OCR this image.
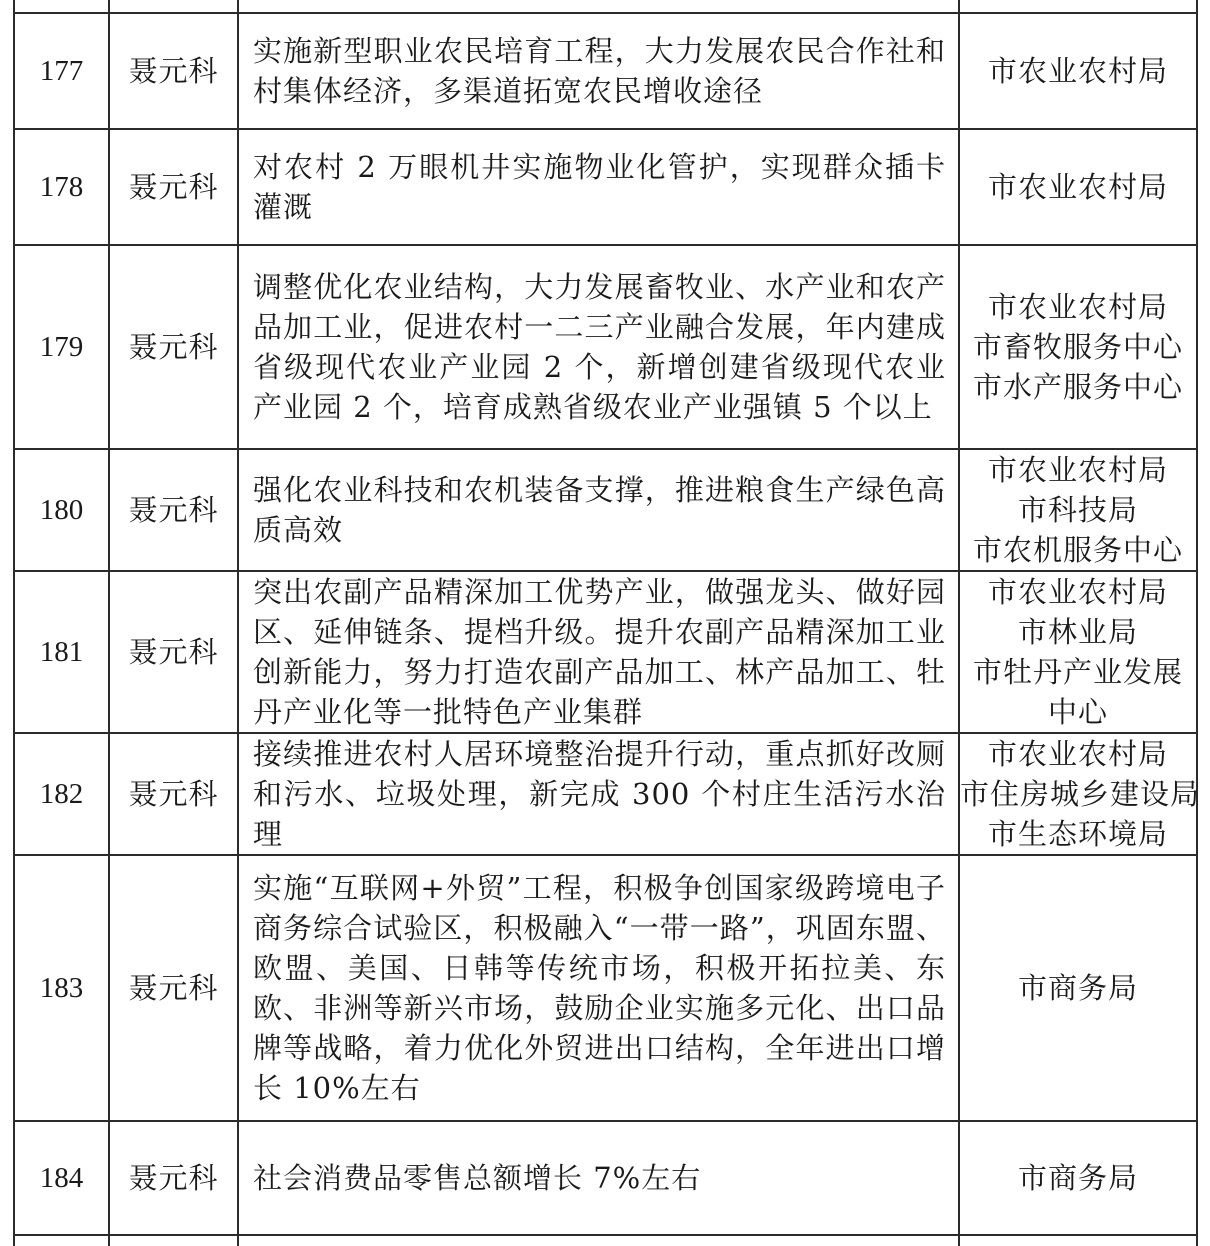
177	聂元科	实施新型职业农民培育工程，大力发展农民合作社和村集体经济，多渠道拓宽农民增收途径	市农业农村局

178	聂元科	对农村 2 万眼机井实施物业化管护，实现群众插卡灌溉	市农业农村局

179	聂元科	调整优化农业结构，大力发展畜牧业、水产业和农产品加工业，促进农村一二三产业融合发展，年内建成省级现代农业产业园 2 个，新增创建省级现代农业产业园 2 个，培育成熟省级农业产业强镇 5 个以上	市农业农村局
市畜牧服务中心
市水产服务中心

180	聂元科	强化农业科技和农机装备支撑，推进粮食生产绿色高质高效	市农业农村局
市科技局
市农机服务中心

181	聂元科	突出农副产品精深加工优势产业，做强龙头、做好园区、延伸链条、提档升级。提升农副产品精深加工业创新能力，努力打造农副产品加工、林产品加工、牡丹产业化等一批特色产业集群	市农业农村局
市林业局
市牡丹产业发展
中心

182	聂元科	接续推进农村人居环境整治提升行动，重点抓好改厕和污水、垃圾处理，新完成 300 个村庄生活污水治理	市农业农村局
市住房城乡建设局
市生态环境局

183	聂元科	实施“互联网+外贸”工程，积极争创国家级跨境电子商务综合试验区，积极融入“一带一路”，巩固东盟、欧盟、美国、日韩等传统市场，积极开拓拉美、东欧、非洲等新兴市场，鼓励企业实施多元化、出口品牌等战略，着力优化外贸进出口结构，全年进出口增长 10%左右	市商务局

184	聂元科	社会消费品零售总额增长 7%左右	市商务局
